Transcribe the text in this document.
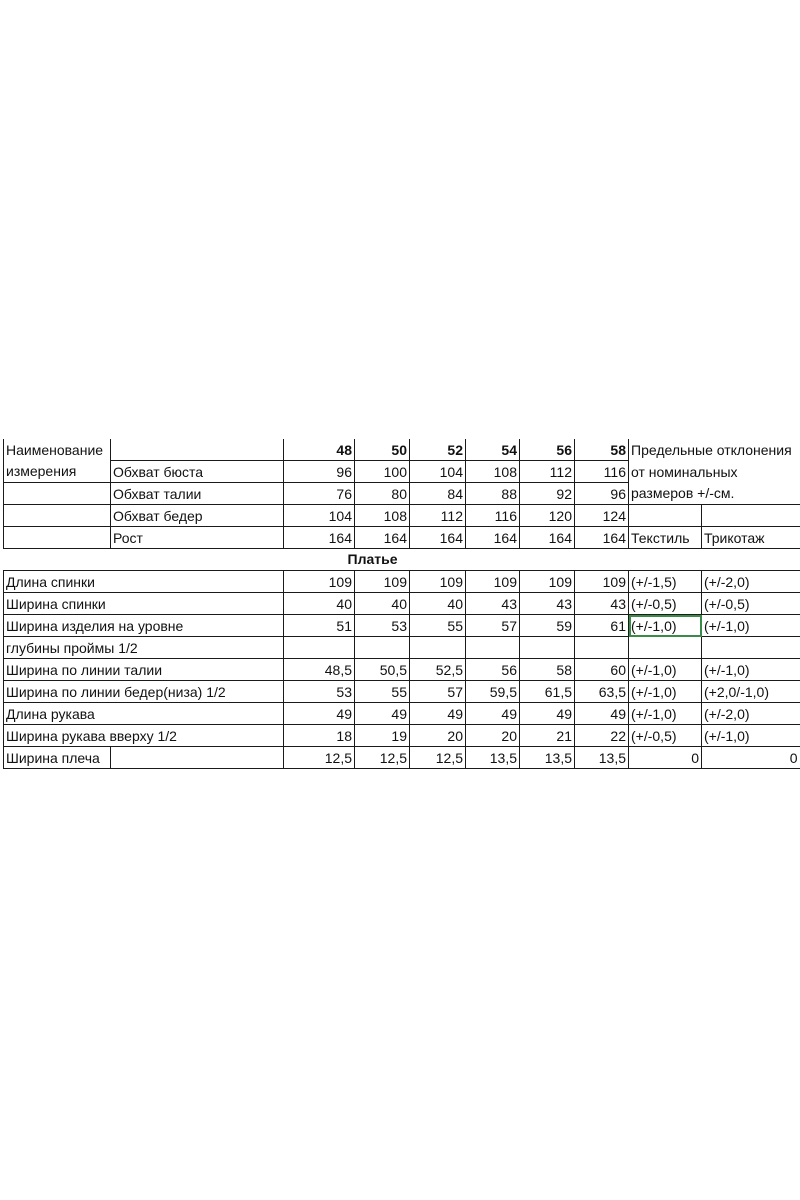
Наименование		48	50	52	54	56	58	Предельные отклонения	
измерения	Обхват бюста	96	100	104	108	112	116	от номинальных	
	Обхват талии	76	80	84	88	92	96	размеров +/-см.	
	Обхват бедер	104	108	112	116	120	124		
	Рост	164	164	164	164	164	164	Текстиль	Трикотаж

Платье									

Длина спинки		109	109	109	109	109	109	(+/-1,5)	(+/-2,0)
Ширина спинки		40	40	40	43	43	43	(+/-0,5)	(+/-0,5)
Ширина изделия на уровне		51	53	55	57	59	61	(+/-1,0)	(+/-1,0)
глубины проймы 1/2									
Ширина по линии талии		48,5	50,5	52,5	56	58	60	(+/-1,0)	(+/-1,0)
Ширина по линии бедер(низа) 1/2		53	55	57	59,5	61,5	63,5	(+/-1,0)	(+2,0/-1,0)
Длина рукава		49	49	49	49	49	49	(+/-1,0)	(+/-2,0)
Ширина рукава вверху 1/2		18	19	20	20	21	22	(+/-0,5)	(+/-1,0)
Ширина плеча		12,5	12,5	12,5	13,5	13,5	13,5	0	0
